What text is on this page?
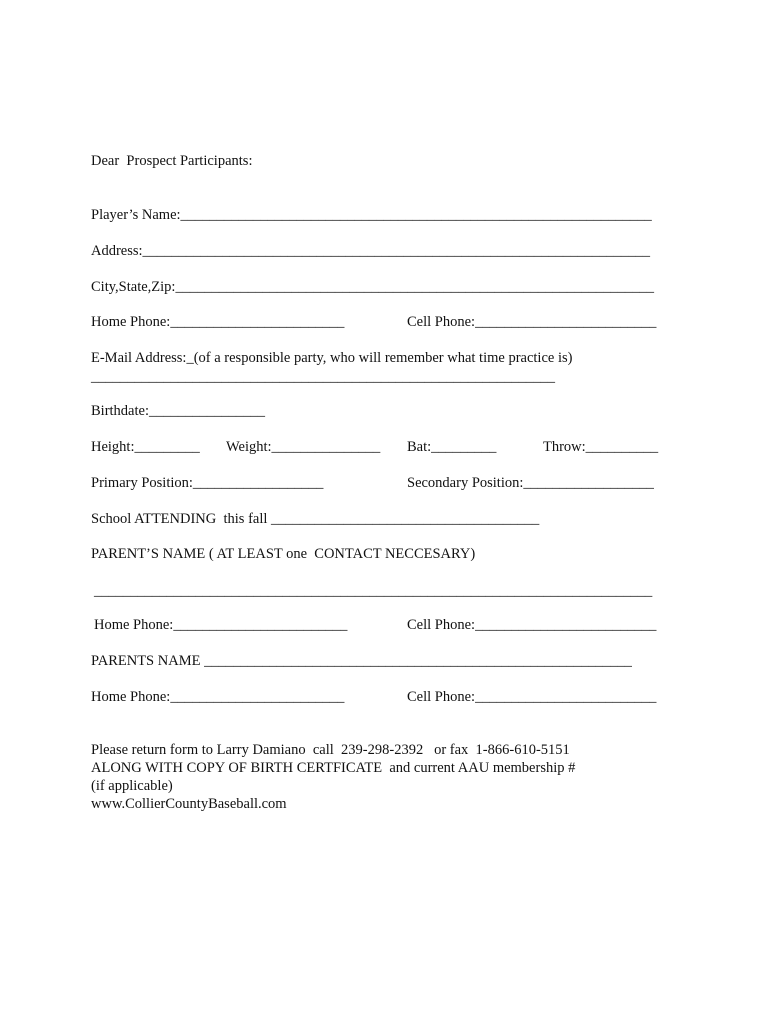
Dear  Prospect Participants:
Player’s Name:_________________________________________________________________
Address:______________________________________________________________________
City,State,Zip:__________________________________________________________________
Home Phone:________________________	Cell Phone:_________________________
E-Mail Address:_(of a responsible party, who will remember what time practice is)
________________________________________________________________
Birthdate:________________
Height:_________ Weight:_______________ Bat:_________	Throw:__________
Primary Position:__________________	Secondary Position:__________________
School ATTENDING  this fall _____________________________________
PARENT’S NAME ( AT LEAST one  CONTACT NECCESARY)
_____________________________________________________________________________
Home Phone:________________________	Cell Phone:_________________________
PARENTS NAME ___________________________________________________________
Home Phone:________________________	Cell Phone:_________________________
Please return form to Larry Damiano  call  239-298-2392   or fax  1-866-610-5151
ALONG WITH COPY OF BIRTH CERTFICATE  and current AAU membership #
(if applicable)
www.CollierCountyBaseball.com
